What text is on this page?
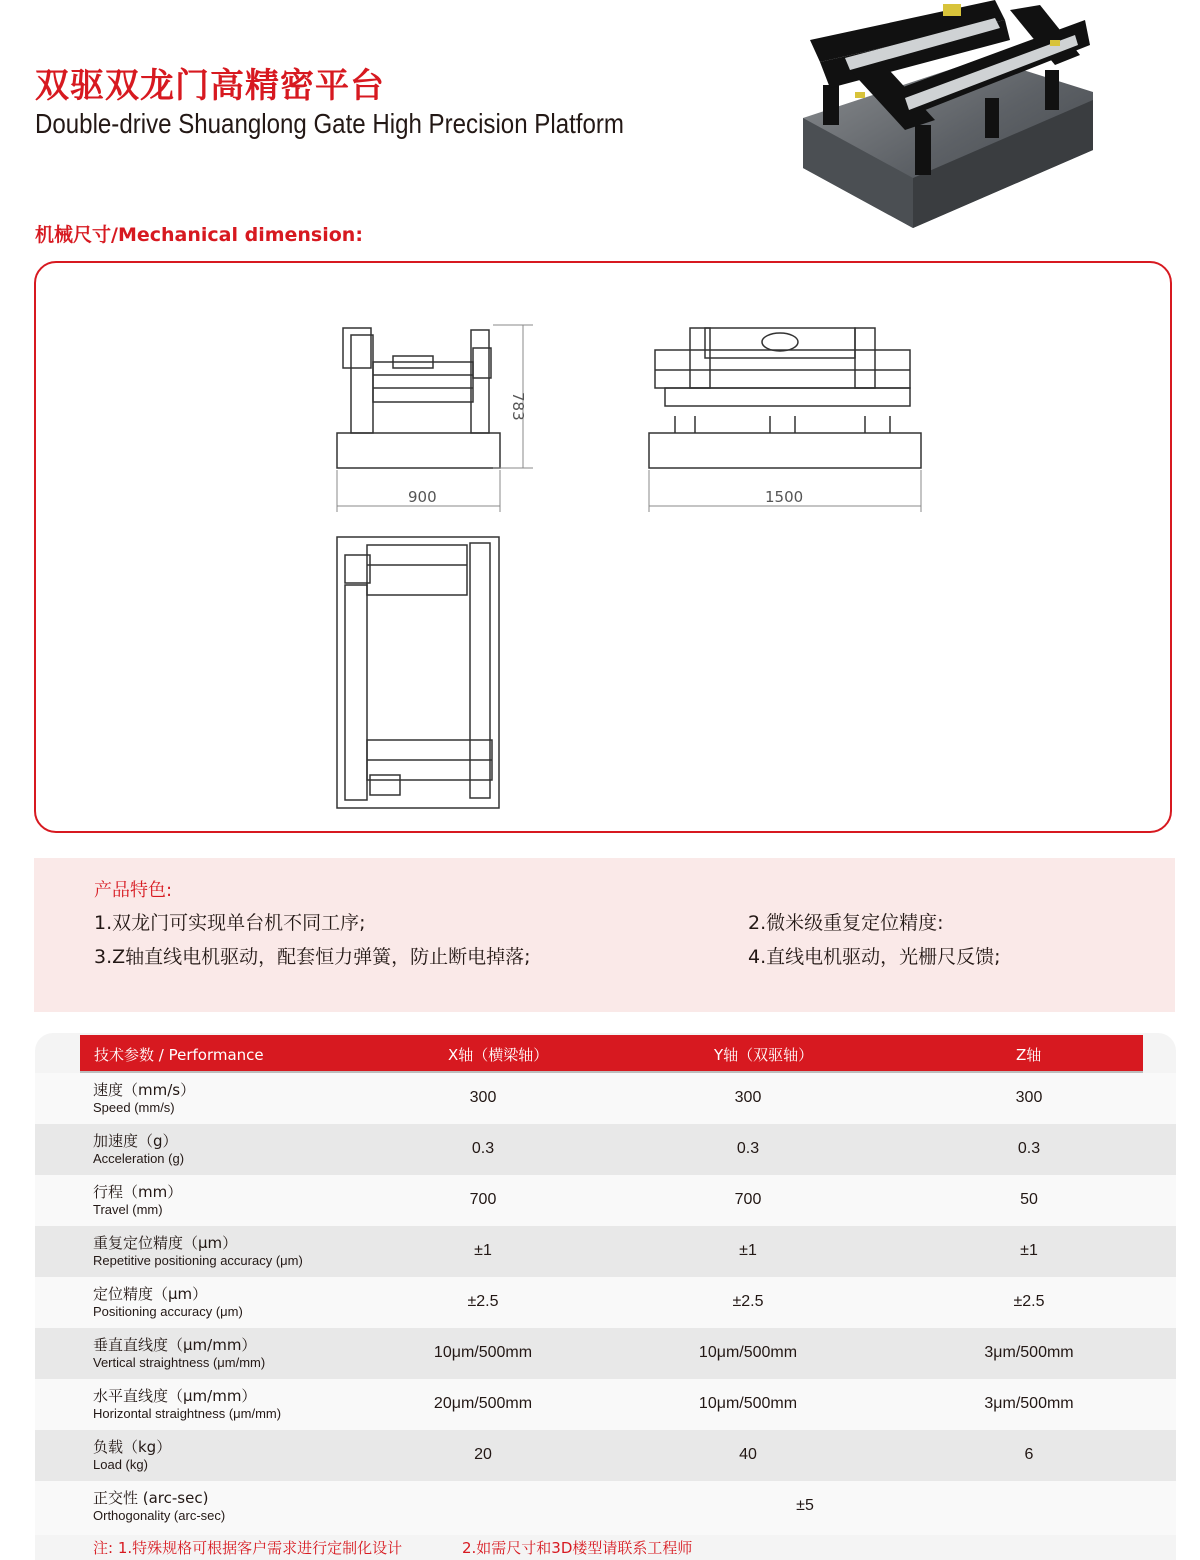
双驱双龙门高精密平台
Double-drive Shuanglong Gate High Precision Platform
机械尺寸/Mechanical dimension:
900
783
1500
产品特色:
1.双龙门可实现单台机不同工序;	2.微米级重复定位精度:
3.Z轴直线电机驱动，配套恒力弹簧，防止断电掉落;	4.直线电机驱动，光栅尺反馈;
技术参数 / Performance	X轴（横梁轴）	Y轴（双驱轴）	Z轴
速度（mm/s）
Speed (mm/s)
300	300	300
加速度（g）
Acceleration (g)
0.3	0.3	0.3
行程（mm）
Travel (mm)
700	700	50
重复定位精度（μm）
Repetitive positioning accuracy (μm)
±1	±1	±1
定位精度（μm）
Positioning accuracy (μm)
±2.5	±2.5	±2.5
垂直直线度（μm/mm）
Vertical straightness (μm/mm)
10μm/500mm	10μm/500mm	3μm/500mm
水平直线度（μm/mm）
Horizontal straightness (μm/mm)
20μm/500mm	10μm/500mm	3μm/500mm
负载（kg）
Load (kg)
20	40	6
正交性 (arc-sec)
Orthogonality (arc-sec)
±5
注: 1.特殊规格可根据客户需求进行定制化设计	2.如需尺寸和3D楼型请联系工程师
